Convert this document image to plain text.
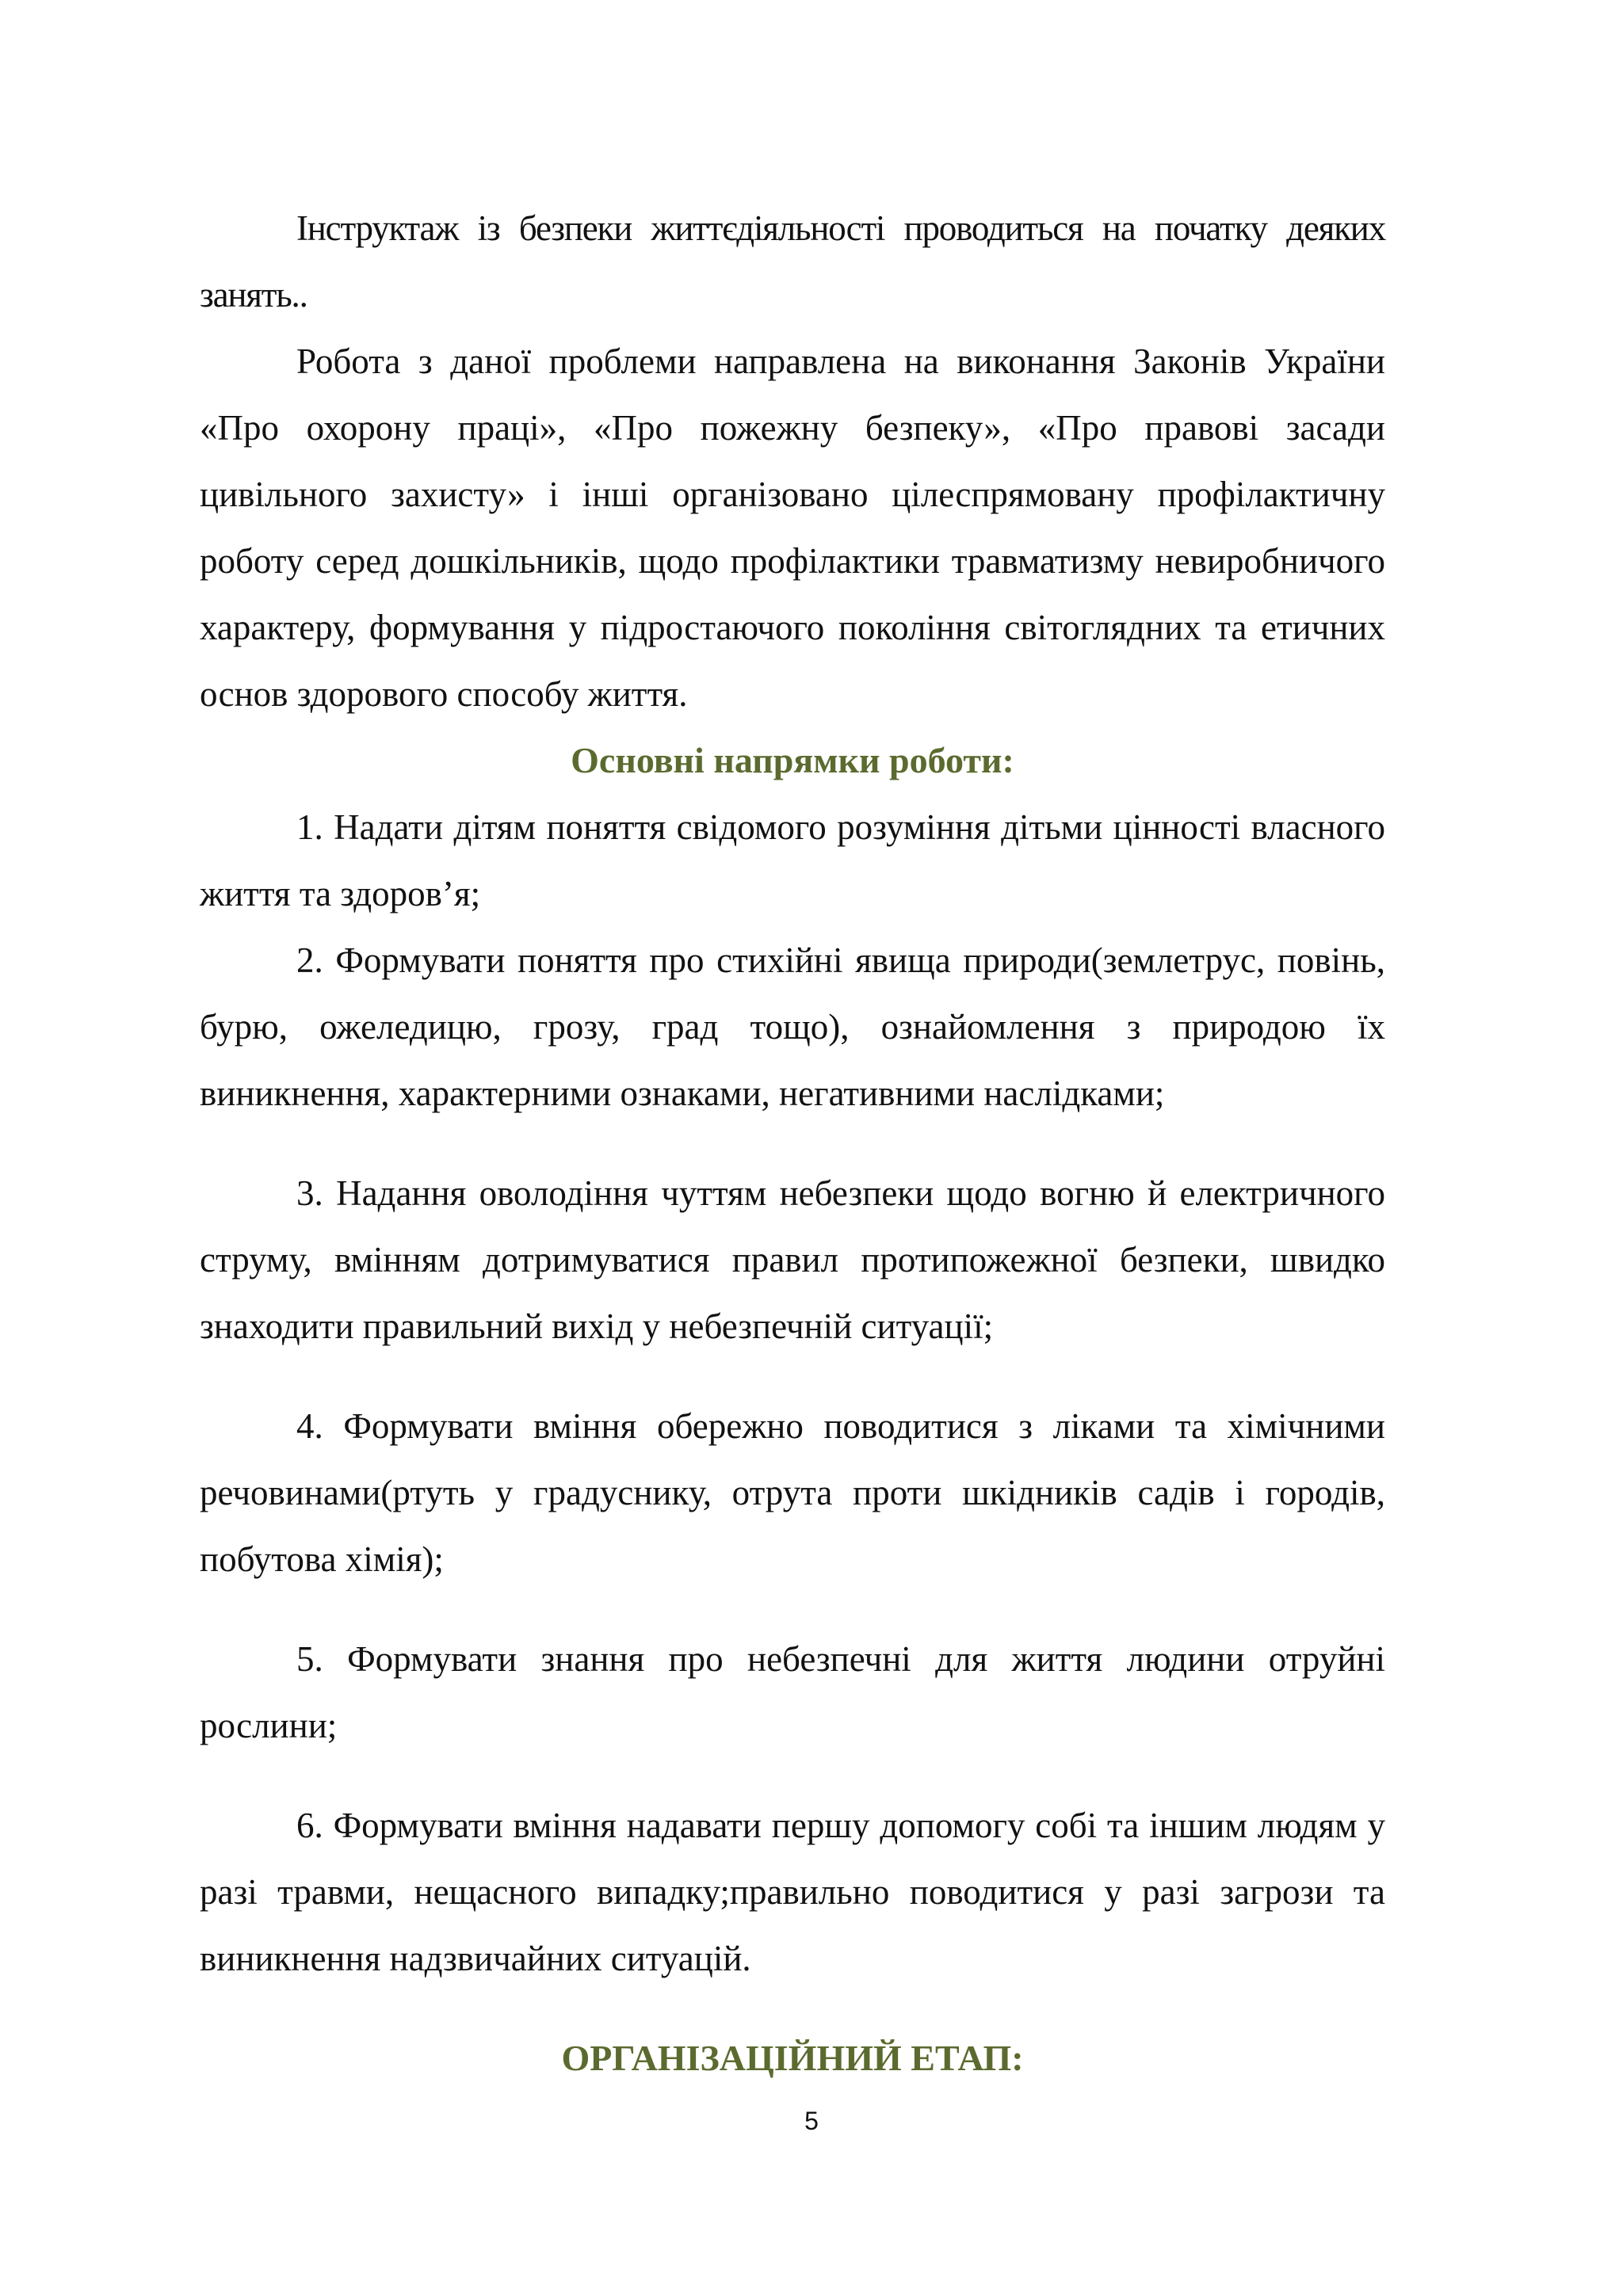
Інструктаж із безпеки життєдіяльності проводиться на початку деяких занять..

Робота з даної проблеми направлена на виконання Законів України «Про охорону праці», «Про пожежну безпеку», «Про правові засади цивільного захисту» і інші організовано цілеспрямовану профілактичну роботу серед дошкільників, щодо профілактики травматизму невиробничого характеру, формування у підростаючого покоління світоглядних та етичних основ здорового способу життя.

Основні напрямки роботи:

1. Надати дітям поняття свідомого розуміння дітьми цінності власного життя та здоров’я;

2. Формувати поняття про стихійні явища природи(землетрус, повінь, бурю, ожеледицю, грозу, град тощо), ознайомлення з природою їх виникнення, характерними ознаками, негативними наслідками;

3. Надання оволодіння чуттям небезпеки щодо вогню й електричного струму, вмінням дотримуватися правил протипожежної безпеки, швидко знаходити правильний вихід у небезпечній ситуації;

4. Формувати вміння обережно поводитися з ліками та хімічними речовинами(ртуть у градуснику, отрута проти шкідників садів і городів, побутова хімія);

5. Формувати знання про небезпечні для життя людини отруйні рослини;

6. Формувати вміння надавати першу допомогу собі та іншим людям у разі травми, нещасного випадку;правильно поводитися у разі загрози та виникнення надзвичайних ситуацій.

ОРГАНІЗАЦІЙНИЙ ЕТАП:

5
